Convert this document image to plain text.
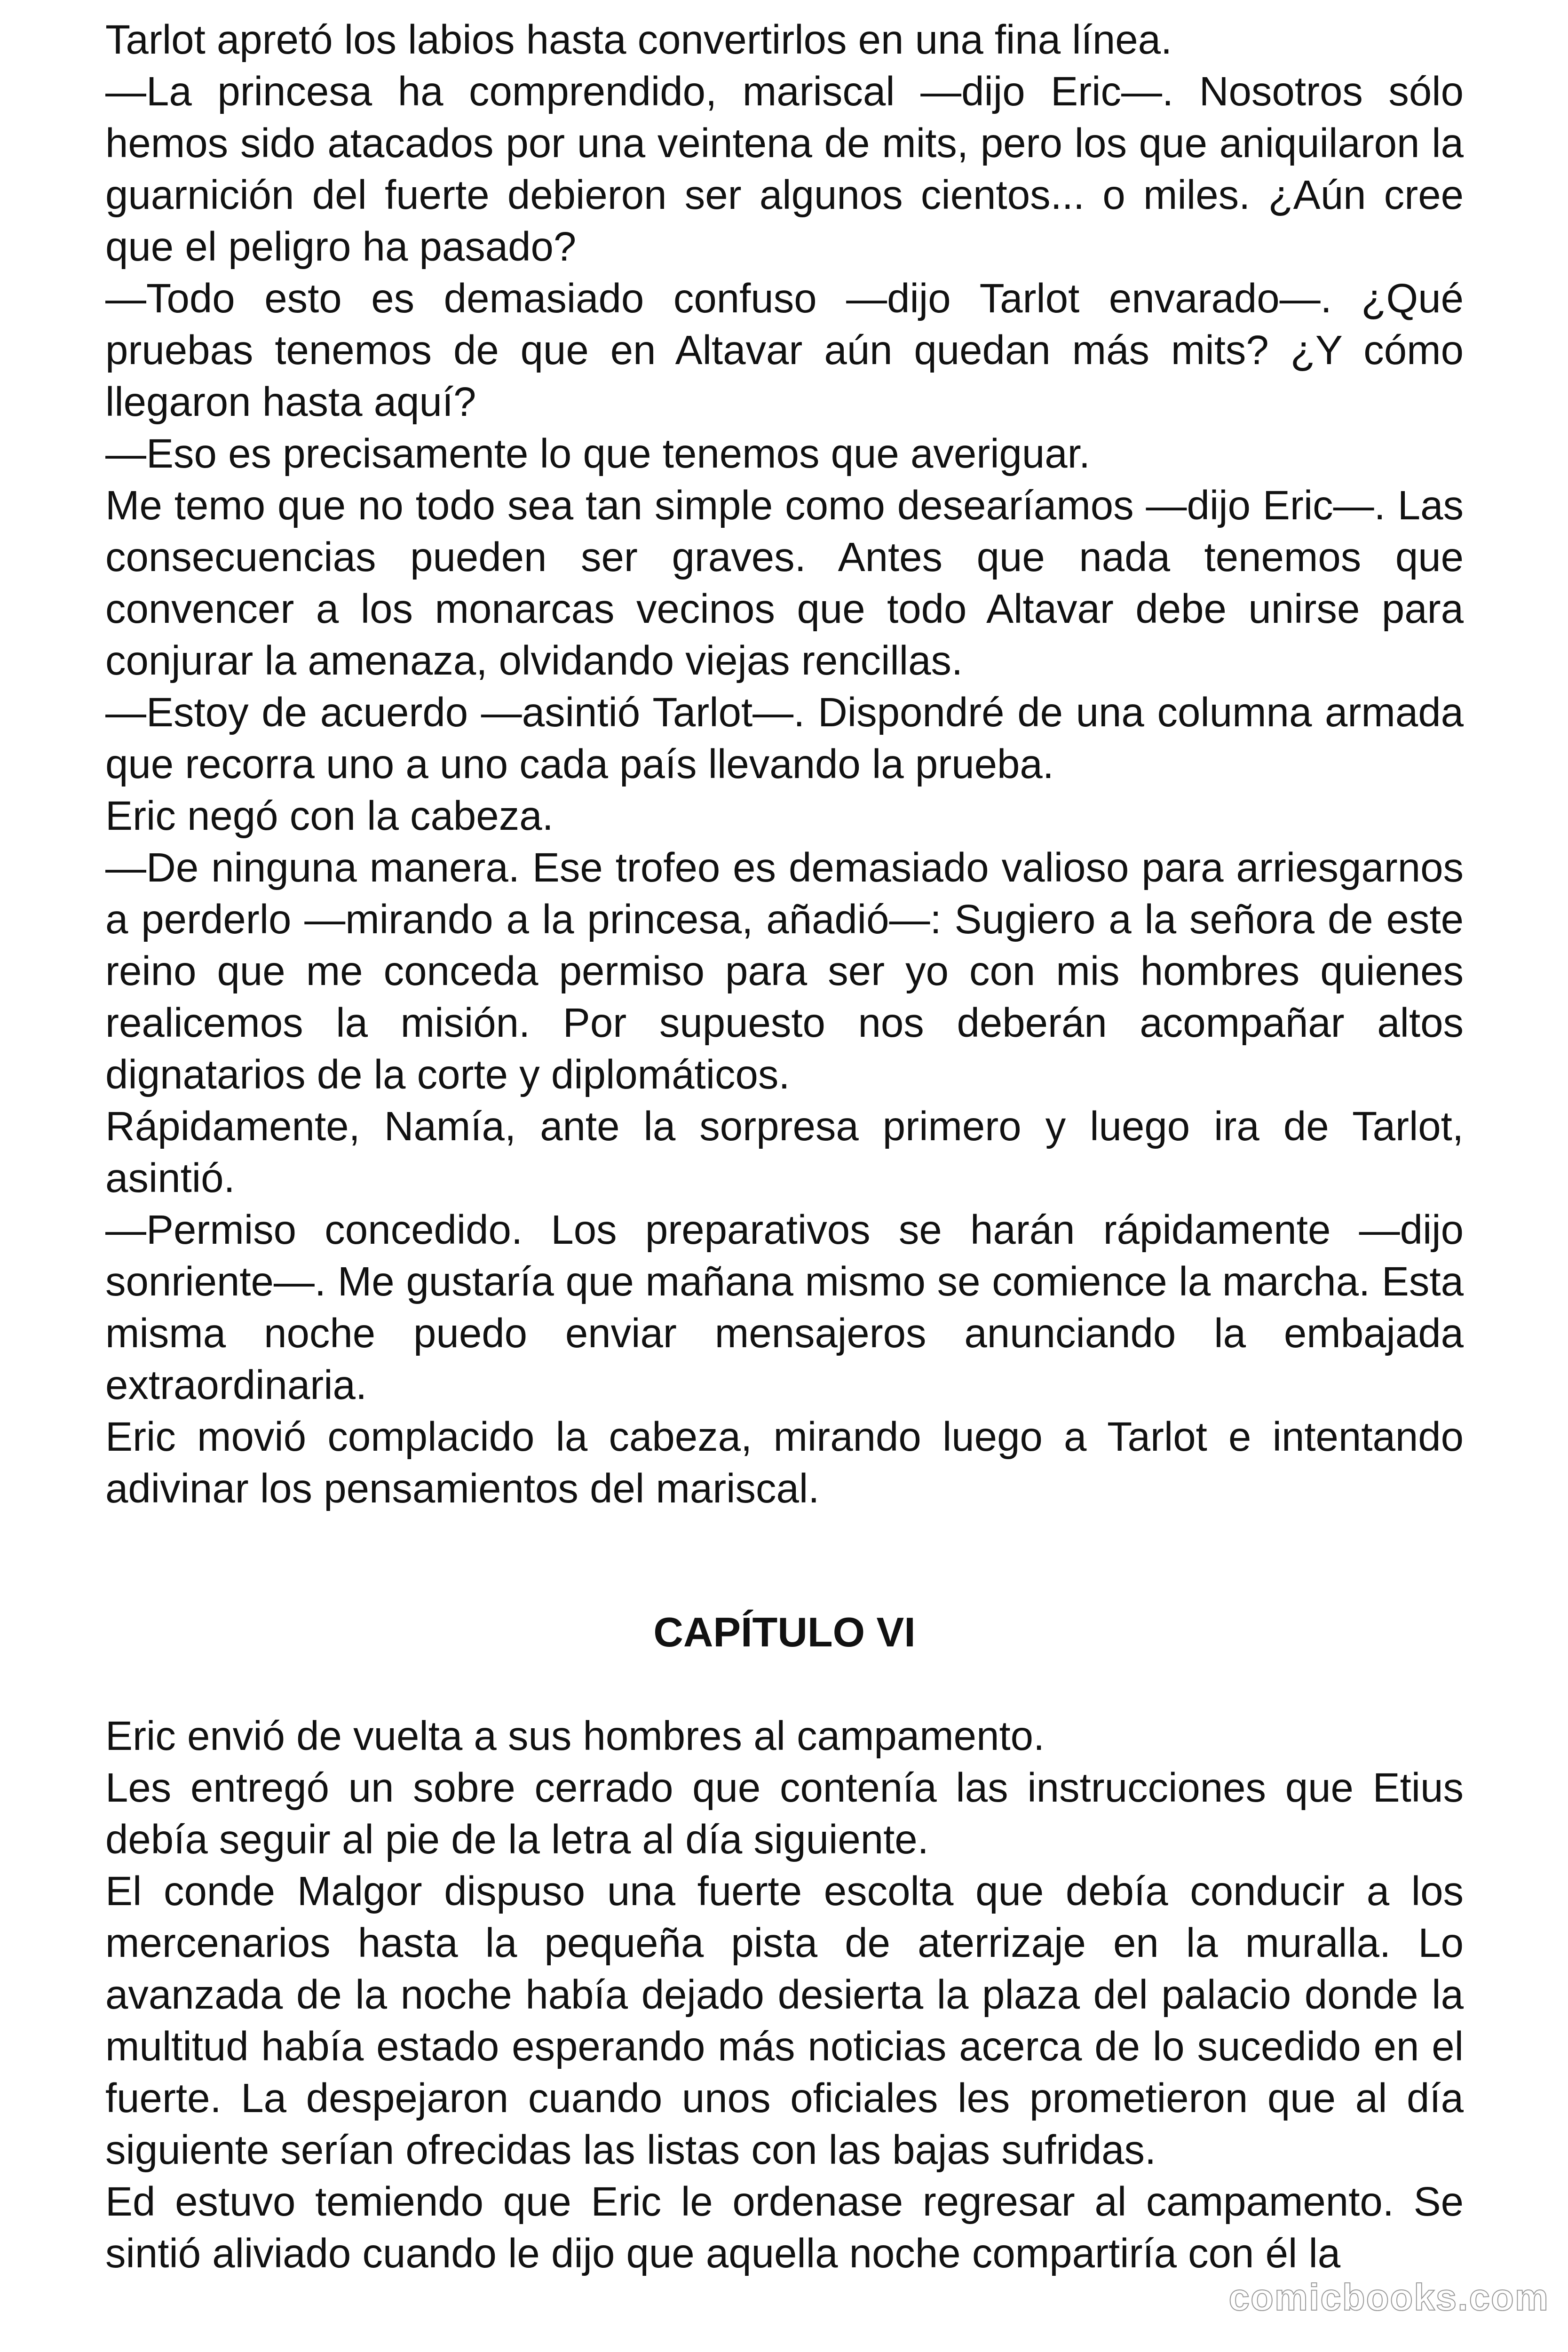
Tarlot apretó los labios hasta convertirlos en una fina línea.

—La princesa ha comprendido, mariscal —dijo Eric—. Nosotros sólo hemos sido atacados por una veintena de mits, pero los que aniquilaron la guarnición del fuerte debieron ser algunos cientos... o miles. ¿Aún cree que el peligro ha pasado?

—Todo esto es demasiado confuso —dijo Tarlot envarado—. ¿Qué pruebas tenemos de que en Altavar aún quedan más mits? ¿Y cómo llegaron hasta aquí?

—Eso es precisamente lo que tenemos que averiguar.

Me temo que no todo sea tan simple como desearíamos —dijo Eric—. Las consecuencias pueden ser graves. Antes que nada tenemos que convencer a los monarcas vecinos que todo Altavar debe unirse para conjurar la amenaza, olvidando viejas rencillas.

—Estoy de acuerdo —asintió Tarlot—. Dispondré de una columna armada que recorra uno a uno cada país llevando la prueba.

Eric negó con la cabeza.

—De ninguna manera. Ese trofeo es demasiado valioso para arriesgarnos a perderlo —mirando a la princesa, añadió—: Sugiero a la señora de este reino que me conceda permiso para ser yo con mis hombres quienes realicemos la misión. Por supuesto nos deberán acompañar altos dignatarios de la corte y diplomáticos.

Rápidamente, Namía, ante la sorpresa primero y luego ira de Tarlot, asintió.

—Permiso concedido. Los preparativos se harán rápidamente —dijo sonriente—. Me gustaría que mañana mismo se comience la marcha. Esta misma noche puedo enviar mensajeros anunciando la embajada extraordinaria.

Eric movió complacido la cabeza, mirando luego a Tarlot e intentando adivinar los pensamientos del mariscal.

CAPÍTULO VI

Eric envió de vuelta a sus hombres al campamento.

Les entregó un sobre cerrado que contenía las instrucciones que Etius debía seguir al pie de la letra al día siguiente.

El conde Malgor dispuso una fuerte escolta que debía conducir a los mercenarios hasta la pequeña pista de aterrizaje en la muralla. Lo avanzada de la noche había dejado desierta la plaza del palacio donde la multitud había estado esperando más noticias acerca de lo sucedido en el fuerte. La despejaron cuando unos oficiales les prometieron que al día siguiente serían ofrecidas las listas con las bajas sufridas.

Ed estuvo temiendo que Eric le ordenase regresar al campamento. Se sintió aliviado cuando le dijo que aquella noche compartiría con él la

comicbooks.com
